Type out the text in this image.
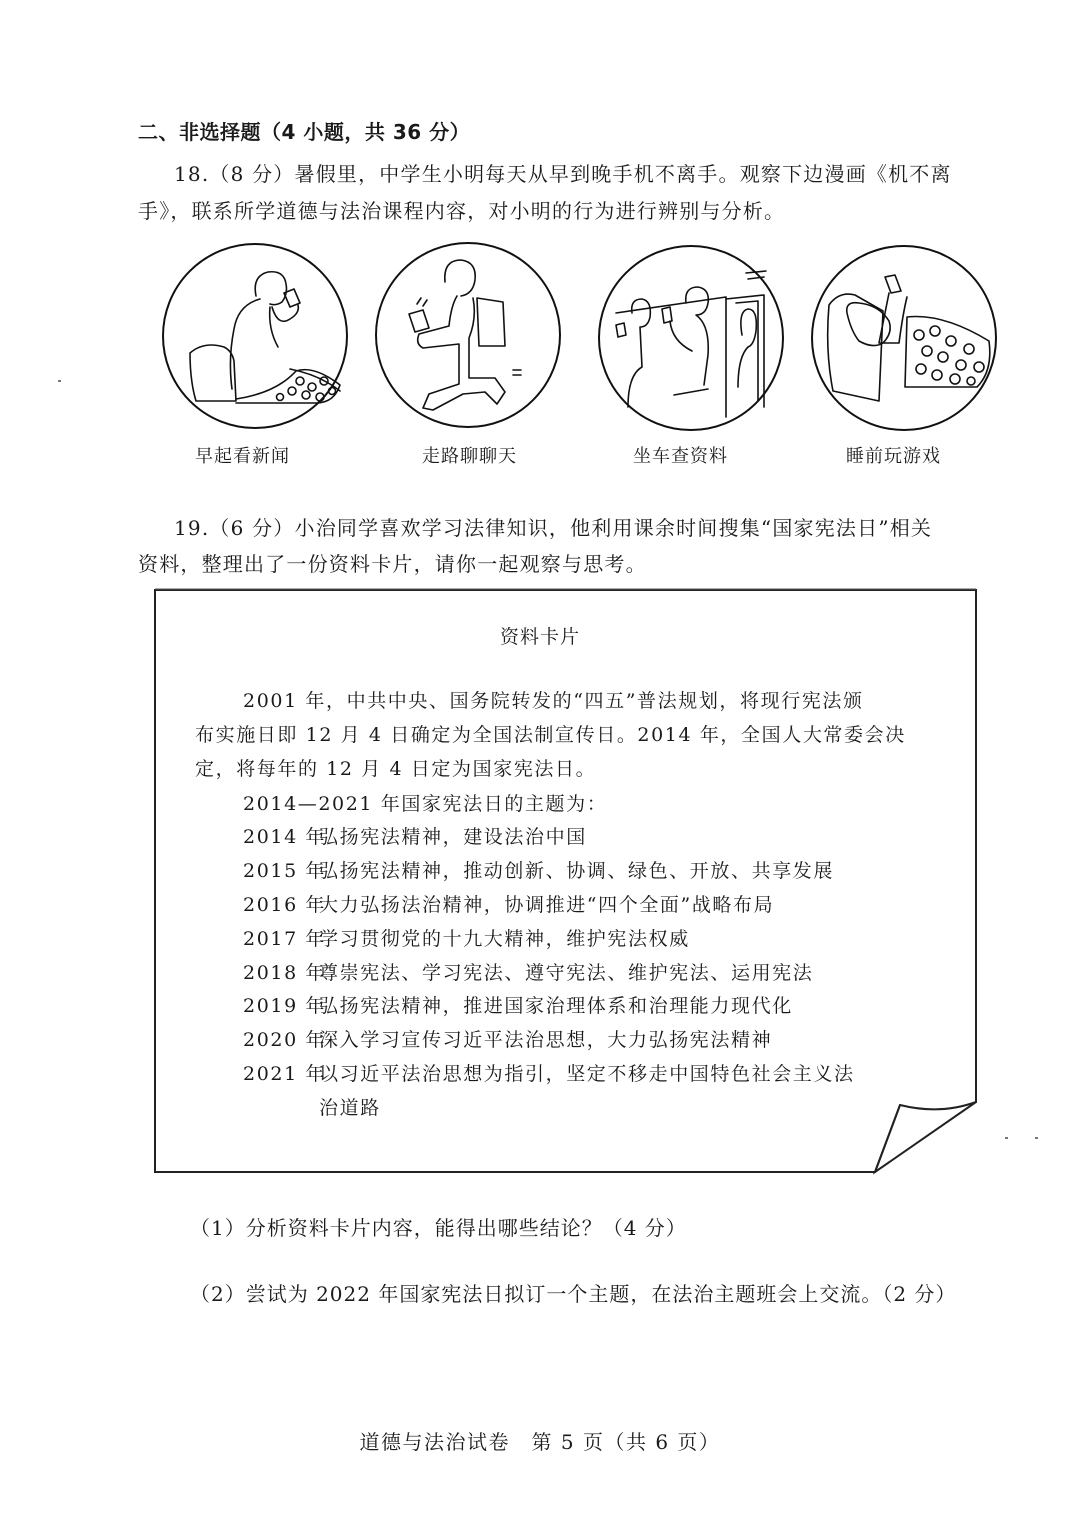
二、非选择题（4 小题，共 36 分）
18.（8 分）暑假里，中学生小明每天从早到晚手机不离手。观察下边漫画《机不离
手》，联系所学道德与法治课程内容，对小明的行为进行辨别与分析。
早起看新闻	走路聊聊天	坐车查资料	睡前玩游戏
19.（6 分）小治同学喜欢学习法律知识，他利用课余时间搜集“国家宪法日”相关
资料，整理出了一份资料卡片，请你一起观察与思考。
资料卡片
2001 年，中共中央、国务院转发的“四五”普法规划，将现行宪法颁
布实施日即 12 月 4 日确定为全国法制宣传日。2014 年，全国人大常委会决
定，将每年的 12 月 4 日定为国家宪法日。
2014—2021 年国家宪法日的主题为：
2014 年弘扬宪法精神，建设法治中国
2015 年弘扬宪法精神，推动创新、协调、绿色、开放、共享发展
2016 年大力弘扬法治精神，协调推进“四个全面”战略布局
2017 年学习贯彻党的十九大精神，维护宪法权威
2018 年尊崇宪法、学习宪法、遵守宪法、维护宪法、运用宪法
2019 年弘扬宪法精神，推进国家治理体系和治理能力现代化
2020 年深入学习宣传习近平法治思想，大力弘扬宪法精神
2021 年以习近平法治思想为指引，坚定不移走中国特色社会主义法
治道路
（1）分析资料卡片内容，能得出哪些结论？（4 分）
（2）尝试为 2022 年国家宪法日拟订一个主题，在法治主题班会上交流。（2 分）
道德与法治试卷　第 5 页（共 6 页）
